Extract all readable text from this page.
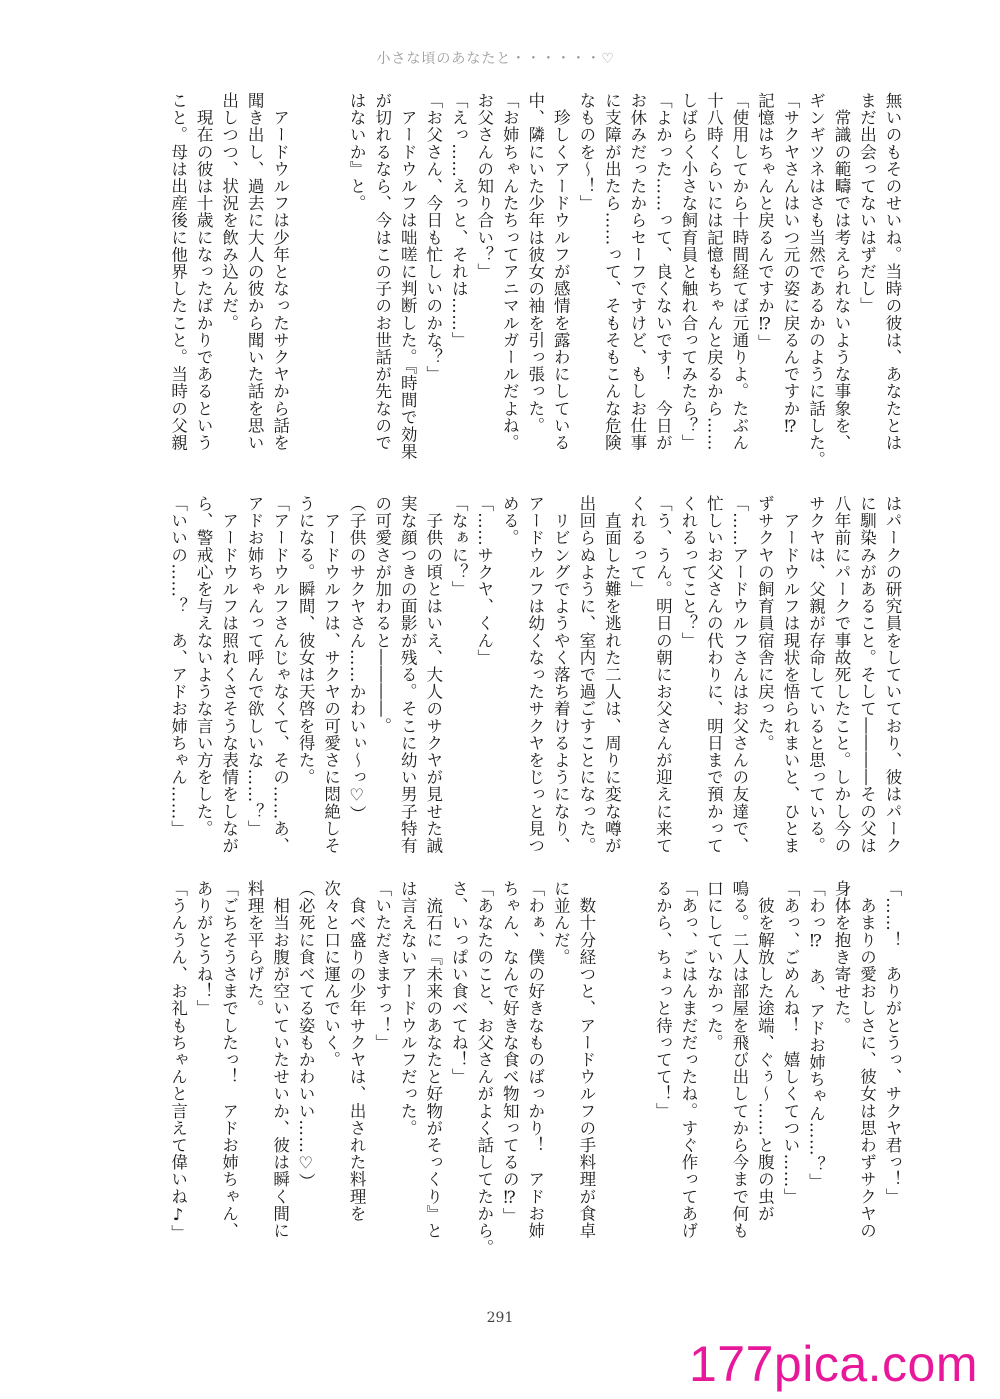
小さな頃のあなたと・・・・・・♡
無いのもそのせいね。当時の彼は、あなたとは
まだ出会ってないはずだし」
　常識の範疇では考えられないような事象を、
ギンギツネはさも当然であるかのように話した。
「サクヤさんはいつ元の姿に戻るんですか⁉
記憶はちゃんと戻るんですか⁉」
「使用してから十時間経てば元通りよ。たぶん
十八時くらいには記憶もちゃんと戻るから……
しばらく小さな飼育員と触れ合ってみたら？」
「よかった……って、良くないです！　今日が
お休みだったからセーフですけど、もしお仕事
に支障が出たら……って、そもそもこんな危険
なものを～！」
　珍しくアードウルフが感情を露わにしている
中、隣にいた少年は彼女の袖を引っ張った。
「お姉ちゃんたちってアニマルガールだよね。
お父さんの知り合い？」
「えっ……えっと、それは……」
「お父さん、今日も忙しいのかな？」
　アードウルフは咄嗟に判断した。『時間で効果
が切れるなら、今はこの子のお世話が先なので
はないか』と。
　アードウルフは少年となったサクヤから話を
聞き出し、過去に大人の彼から聞いた話を思い
出しつつ、状況を飲み込んだ。
　現在の彼は十歳になったばかりであるという
こと。母は出産後に他界したこと。当時の父親
はパークの研究員をしていており、彼はパーク
に馴染みがあること。そして――――その父は
八年前にパークで事故死したこと。しかし今の
サクヤは、父親が存命していると思っている。
　アードウルフは現状を悟られまいと、ひとま
ずサクヤの飼育員宿舎に戻った。
「……アードウルフさんはお父さんの友達で、
忙しいお父さんの代わりに、明日まで預かって
くれるってこと？」
「う、うん。明日の朝にお父さんが迎えに来て
くれるって」
　直面した難を逃れた二人は、周りに変な噂が
出回らぬように、室内で過ごすことになった。
　リビングでようやく落ち着けるようになり、
アードウルフは幼くなったサクヤをじっと見つ
める。
「……サクヤ、くん」
「なぁに？」
　子供の頃とはいえ、大人のサクヤが見せた誠
実な顔つきの面影が残る。そこに幼い男子特有
の可愛さが加わると――――。
（子供のサクヤさん……かわいぃ～っ♡）
　アードウルフは、サクヤの可愛さに悶絶しそ
うになる。瞬間、彼女は天啓を得た。
「アードウルフさんじゃなくて、その……あ、
アドお姉ちゃんって呼んで欲しいな……？」
　アードウルフは照れくさそうな表情をしなが
ら、警戒心を与えないような言い方をした。
「いいの……？　あ、アドお姉ちゃん……」
「……！　ありがとうっ、サクヤ君っ！」
　あまりの愛おしさに、彼女は思わずサクヤの
身体を抱き寄せた。
「わっ⁉　あ、アドお姉ちゃん……？」
「あっ、ごめんね！　嬉しくてつい……」
　彼を解放した途端、ぐぅ～……と腹の虫が
鳴る。二人は部屋を飛び出してから今まで何も
口にしていなかった。
「あっ、ごはんまだだったね。すぐ作ってあげ
るから、ちょっと待ってて！」
　数十分経つと、アードウルフの手料理が食卓
に並んだ。
「わぁ、僕の好きなものばっかり！　アドお姉
ちゃん、なんで好きな食べ物知ってるの⁉」
「あなたのこと、お父さんがよく話してたから。
さ、いっぱい食べてね！」
　流石に『未来のあなたと好物がそっくり』と
は言えないアードウルフだった。
「いただきますっ！」
　食べ盛りの少年サクヤは、出された料理を
次々と口に運んでいく。
（必死に食べてる姿もかわいい……♡）
　相当お腹が空いていたせいか、彼は瞬く間に
料理を平らげた。
「ごちそうさまでしたっ！　アドお姉ちゃん、
ありがとうね！」
「うんうん、お礼もちゃんと言えて偉いね♪」
291
177pica.com
